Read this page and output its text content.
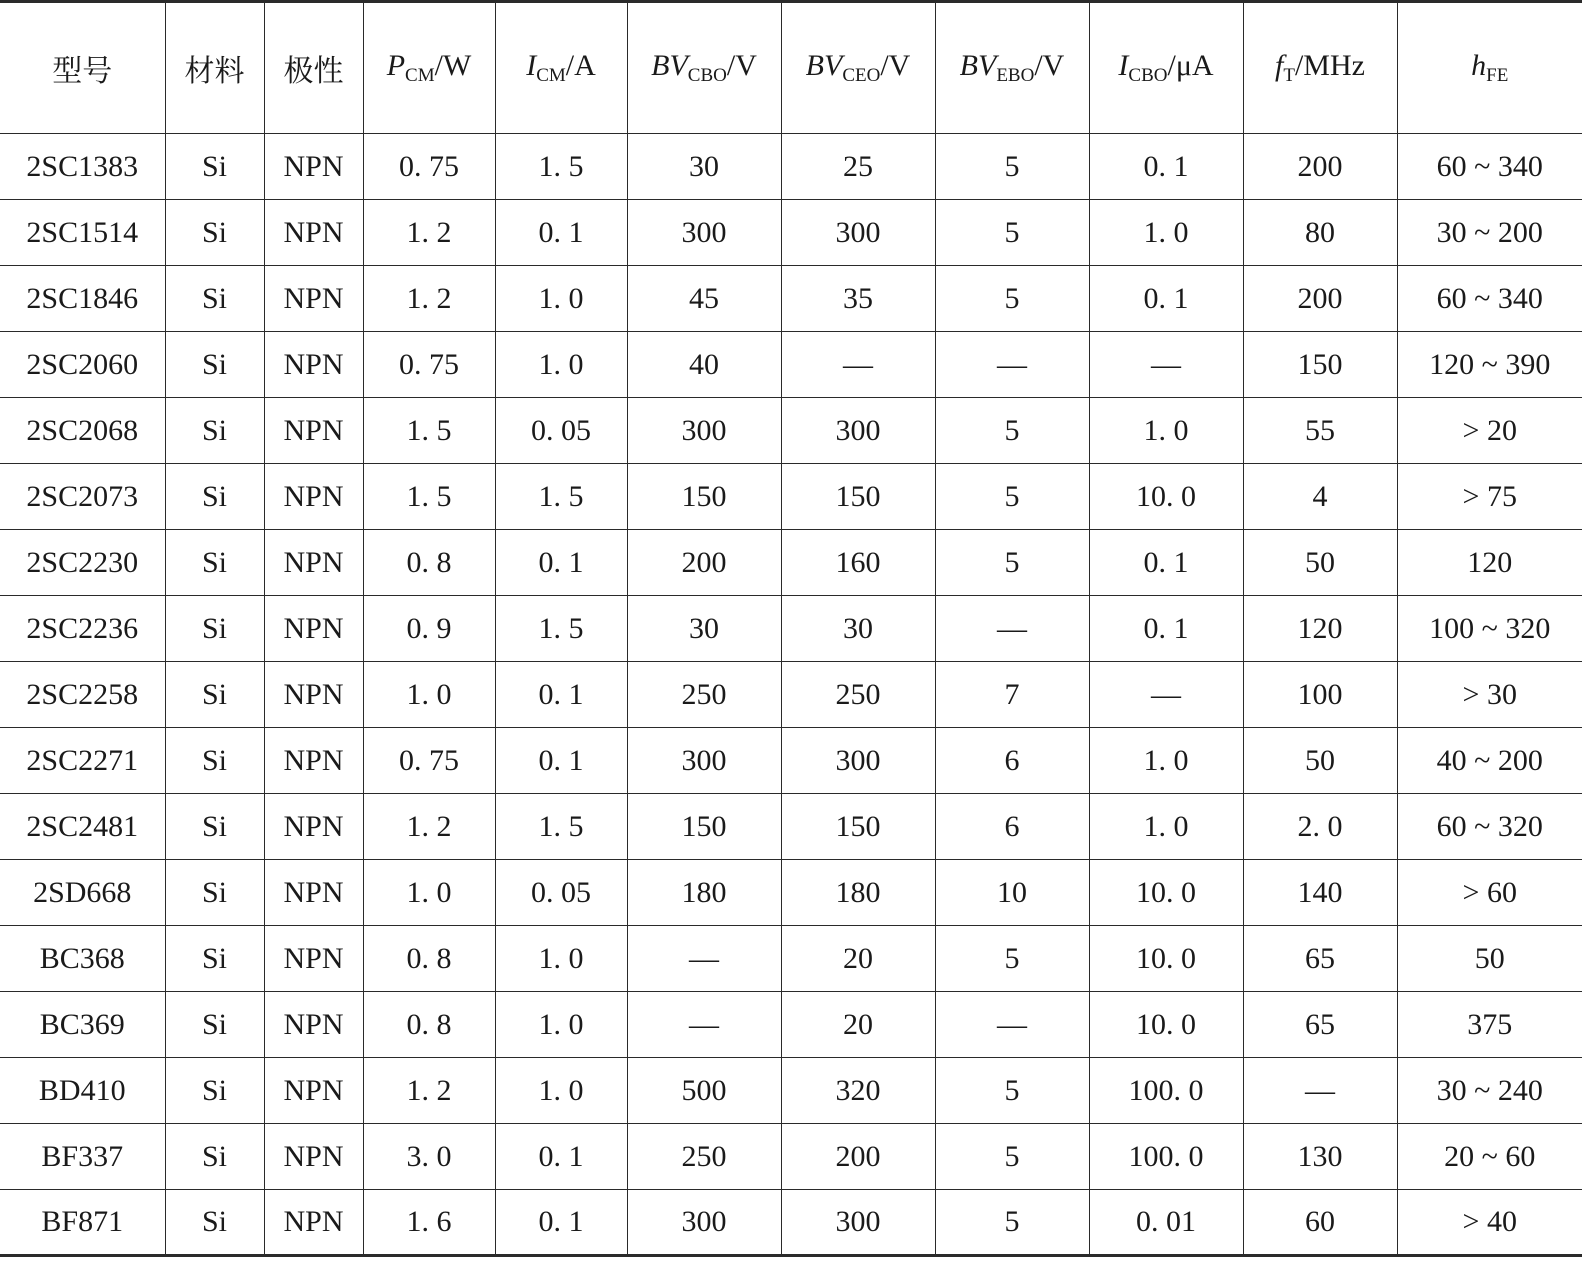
型号	材料	极性	$P_{CM}/W$	$I_{CM}/A$	$BV_{CBO}/V$	$BV_{CEO}/V$	$BV_{EBO}/V$	$I_{CBO}/\mu A$	$f_T$/MHz	$h_{FE}$
2SC1383	Si	NPN	0. 75	1. 5	30	25	5	0. 1	200	60 ~ 340
2SC1514	Si	NPN	1. 2	0. 1	300	300	5	1. 0	80	30 ~ 200
2SC1846	Si	NPN	1. 2	1. 0	45	35	5	0. 1	200	60 ~ 340
2SC2060	Si	NPN	0. 75	1. 0	40	—	—	—	150	120 ~ 390
2SC2068	Si	NPN	1. 5	0. 05	300	300	5	1. 0	55	> 20
2SC2073	Si	NPN	1. 5	1. 5	150	150	5	10. 0	4	> 75
2SC2230	Si	NPN	0. 8	0. 1	200	160	5	0. 1	50	120
2SC2236	Si	NPN	0. 9	1. 5	30	30	—	0. 1	120	100 ~ 320
2SC2258	Si	NPN	1. 0	0. 1	250	250	7	—	100	> 30
2SC2271	Si	NPN	0. 75	0. 1	300	300	6	1. 0	50	40 ~ 200
2SC2481	Si	NPN	1. 2	1. 5	150	150	6	1. 0	2. 0	60 ~ 320
2SD668	Si	NPN	1. 0	0. 05	180	180	10	10. 0	140	> 60
BC368	Si	NPN	0. 8	1. 0	—	20	5	10. 0	65	50
BC369	Si	NPN	0. 8	1. 0	—	20	—	10. 0	65	375
BD410	Si	NPN	1. 2	1. 0	500	320	5	100. 0	—	30 ~ 240
BF337	Si	NPN	3. 0	0. 1	250	200	5	100. 0	130	20 ~ 60
BF871	Si	NPN	1. 6	0. 1	300	300	5	0. 01	60	> 40
